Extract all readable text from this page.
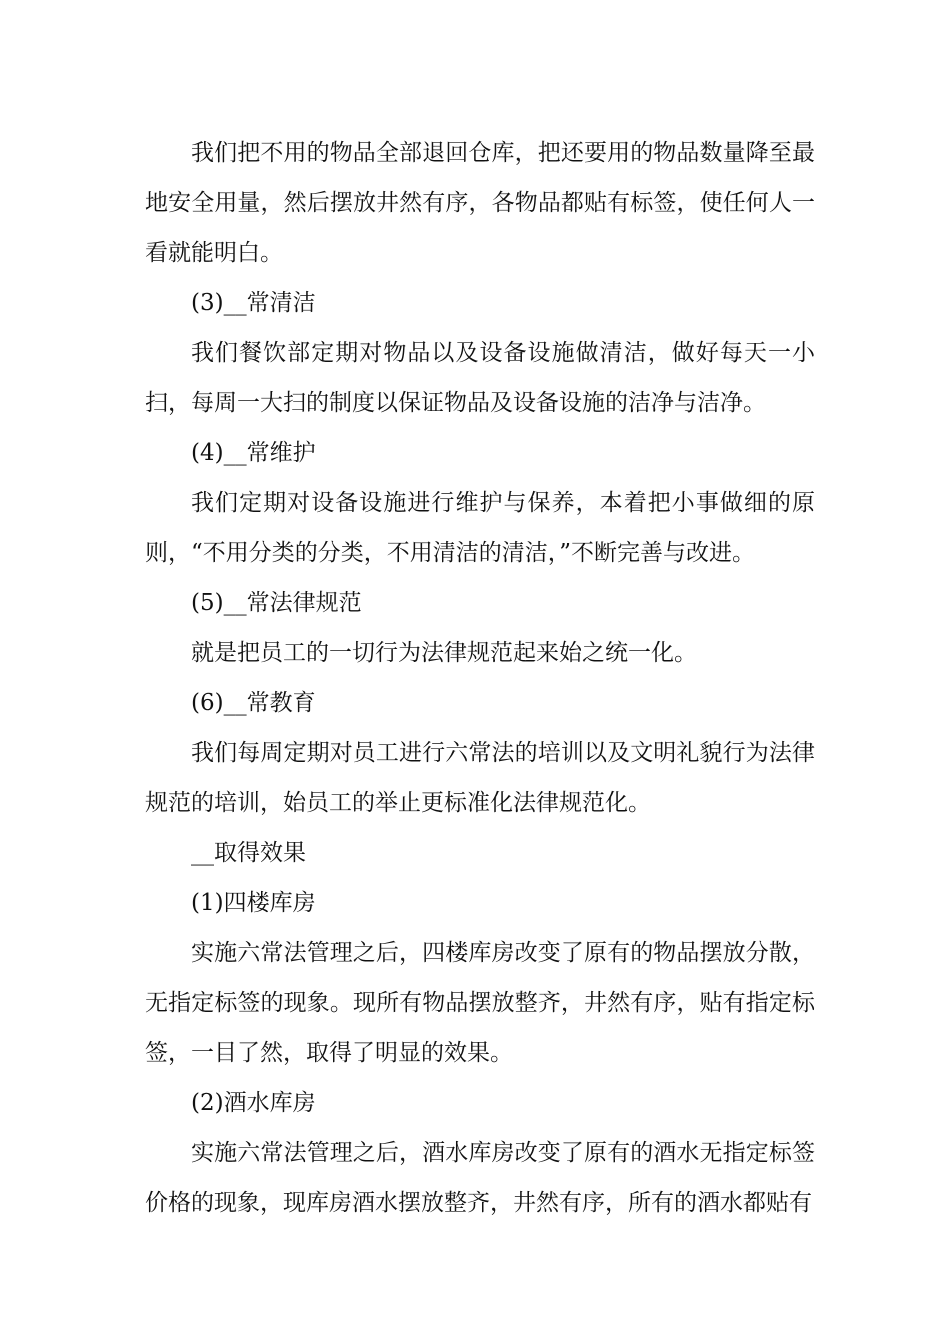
我们把不用的物品全部退回仓库，把还要用的物品数量降至最地安全用量，然后摆放井然有序，各物品都贴有标签，使任何人一看就能明白。

(3)__常清洁

我们餐饮部定期对物品以及设备设施做清洁，做好每天一小扫，每周一大扫的制度以保证物品及设备设施的洁净与洁净。

(4)__常维护

我们定期对设备设施进行维护与保养，本着把小事做细的原则，“不用分类的分类，不用清洁的清洁，”不断完善与改进。

(5)__常法律规范

就是把员工的一切行为法律规范起来始之统一化。

(6)__常教育

我们每周定期对员工进行六常法的培训以及文明礼貌行为法律规范的培训，始员工的举止更标准化法律规范化。

__取得效果

(1)四楼库房

实施六常法管理之后，四楼库房改变了原有的物品摆放分散，无指定标签的现象。现所有物品摆放整齐，井然有序，贴有指定标签，一目了然，取得了明显的效果。

(2)酒水库房

实施六常法管理之后，酒水库房改变了原有的酒水无指定标签价格的现象，现库房酒水摆放整齐，井然有序，所有的酒水都贴有
